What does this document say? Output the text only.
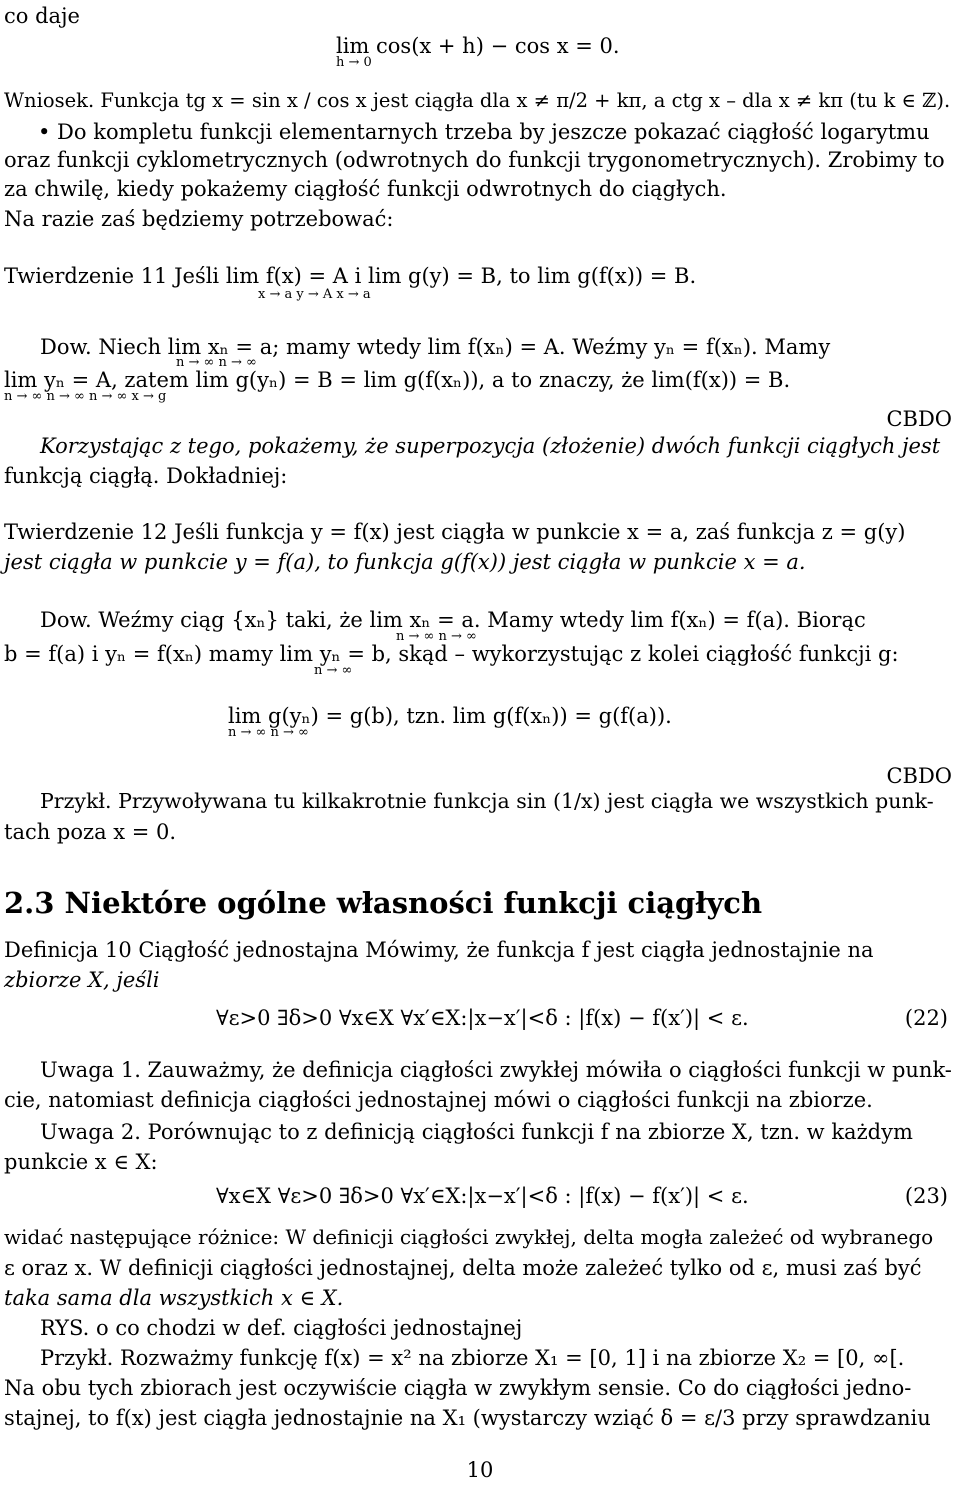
co daje
lim cos(x + h) − cos x = 0.
h → 0
Wniosek. Funkcja tg x = sin x / cos x jest ciągła dla x ≠ π/2 + kπ, a ctg x – dla x ≠ kπ (tu k ∈ ℤ).
• Do kompletu funkcji elementarnych trzeba by jeszcze pokazać ciągłość logarytmu
oraz funkcji cyklometrycznych (odwrotnych do funkcji trygonometrycznych). Zrobimy to
za chwilę, kiedy pokażemy ciągłość funkcji odwrotnych do ciągłych.
Na razie zaś będziemy potrzebować:
Twierdzenie 11 Jeśli lim f(x) = A i lim g(y) = B, to lim g(f(x)) = B.
x → a y → A x → a
Dow. Niech lim xₙ = a; mamy wtedy lim f(xₙ) = A. Weźmy yₙ = f(xₙ). Mamy
n → ∞ n → ∞
lim yₙ = A, zatem lim g(yₙ) = B = lim g(f(xₙ)), a to znaczy, że lim(f(x)) = B.
n → ∞ n → ∞ n → ∞ x → g
CBDO
Korzystając z tego, pokażemy, że superpozycja (złożenie) dwóch funkcji ciągłych jest
funkcją ciągłą. Dokładniej:
Twierdzenie 12 Jeśli funkcja y = f(x) jest ciągła w punkcie x = a, zaś funkcja z = g(y)
jest ciągła w punkcie y = f(a), to funkcja g(f(x)) jest ciągła w punkcie x = a.
Dow. Weźmy ciąg {xₙ} taki, że lim xₙ = a. Mamy wtedy lim f(xₙ) = f(a). Biorąc
n → ∞ n → ∞
b = f(a) i yₙ = f(xₙ) mamy lim yₙ = b, skąd – wykorzystując z kolei ciągłość funkcji g:
n → ∞
lim g(yₙ) = g(b), tzn. lim g(f(xₙ)) = g(f(a)).
n → ∞ n → ∞
CBDO
Przykł. Przywoływana tu kilkakrotnie funkcja sin (1/x) jest ciągła we wszystkich punk-
tach poza x = 0.
2.3 Niektóre ogólne własności funkcji ciągłych
Definicja 10 Ciągłość jednostajna Mówimy, że funkcja f jest ciągła jednostajnie na
zbiorze X, jeśli
∀ε>0 ∃δ>0 ∀x∈X ∀x′∈X:|x−x′|<δ : |f(x) − f(x′)| < ε.	(22)
Uwaga 1. Zauważmy, że definicja ciągłości zwykłej mówiła o ciągłości funkcji w punk-
cie, natomiast definicja ciągłości jednostajnej mówi o ciągłości funkcji na zbiorze.
Uwaga 2. Porównując to z definicją ciągłości funkcji f na zbiorze X, tzn. w każdym
punkcie x ∈ X:
∀x∈X ∀ε>0 ∃δ>0 ∀x′∈X:|x−x′|<δ : |f(x) − f(x′)| < ε.	(23)
widać następujące różnice: W definicji ciągłości zwykłej, delta mogła zależeć od wybranego
ε oraz x. W definicji ciągłości jednostajnej, delta może zależeć tylko od ε, musi zaś być
taka sama dla wszystkich x ∈ X.
RYS. o co chodzi w def. ciągłości jednostajnej
Przykł. Rozważmy funkcję f(x) = x² na zbiorze X₁ = [0, 1] i na zbiorze X₂ = [0, ∞[.
Na obu tych zbiorach jest oczywiście ciągła w zwykłym sensie. Co do ciągłości jedno-
stajnej, to f(x) jest ciągła jednostajnie na X₁ (wystarczy wziąć δ = ε/3 przy sprawdzaniu
10
